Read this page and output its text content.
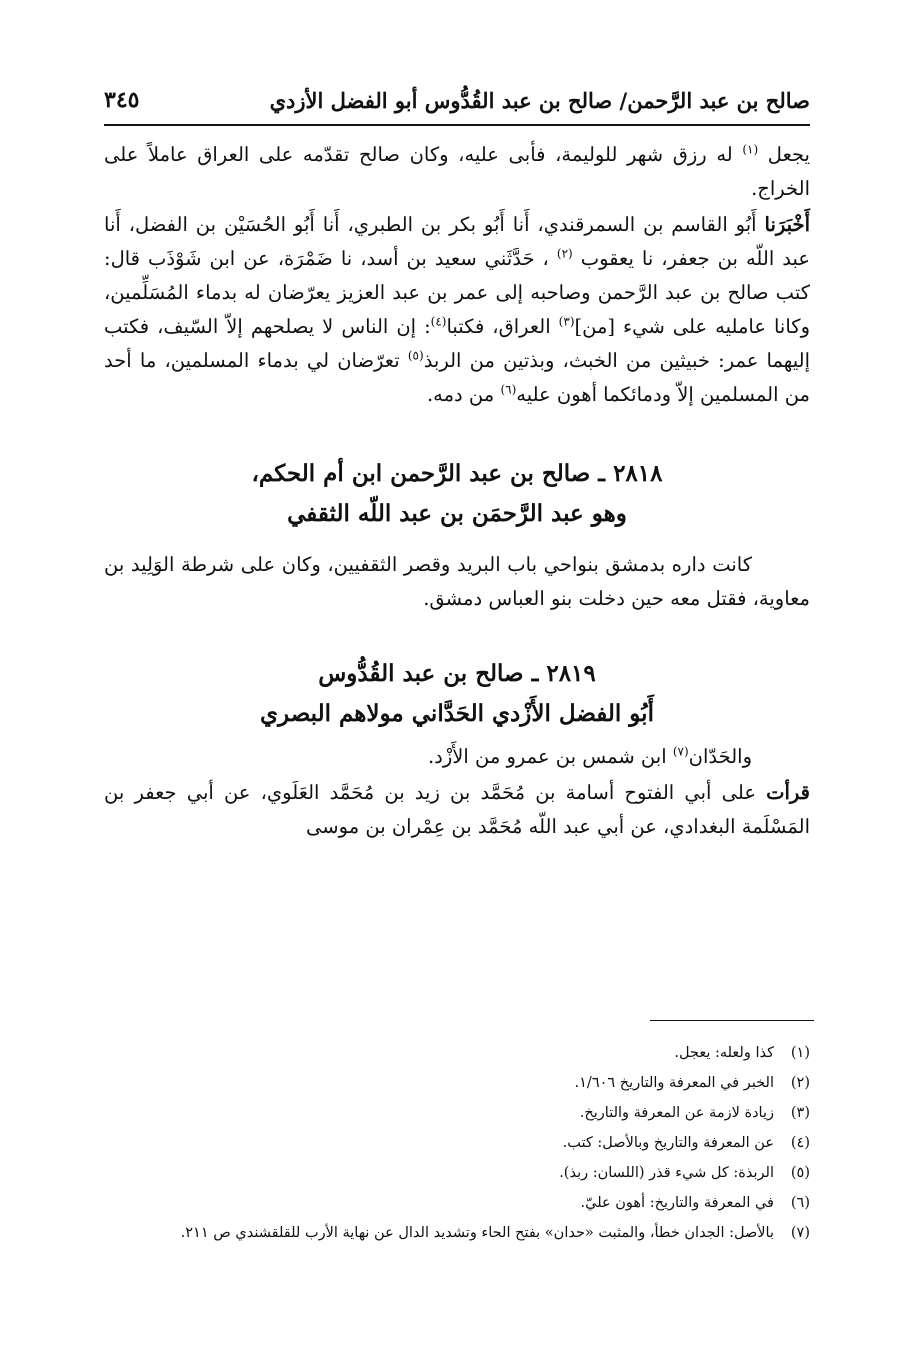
صالح بن عبد الرَّحمن/ صالح بن عبد القُدُّوس أبو الفضل الأزدي
٣٤٥

يجعل $^{(١)}$ له رزق شهر للوليمة، فأبى عليه، وكان صالح تقدّمه على العراق عاملاً على الخراج.

أَخْبَرَنا أَبُو القاسم بن السمرقندي، أَنا أَبُو بكر بن الطبري، أَنا أَبُو الحُسَيْن بن الفضل، أَنا عبد اللّه بن جعفر، نا يعقوب $^{(٢)}$ ، حَدَّثَني سعيد بن أسد، نا ضَمْرَة، عن ابن شَوْذَب قال: كتب صالح بن عبد الرَّحمن وصاحبه إلى عمر بن عبد العزيز يعرّضان له بدماء المُسَلِّمين، وكانا عامليه على شيء [من]$^{(٣)}$ العراق، فكتبا$^{(٤)}$: إن الناس لا يصلحهم إلاّ السّيف، فكتب إليهما عمر: خبيثين من الخبث، وبذتين من الربذ$^{(٥)}$ تعرّضان لي بدماء المسلمين، ما أحد من المسلمين إلاّ ودمائكما أهون عليه$^{(٦)}$ من دمه.

٢٨١٨ ـ صالح بن عبد الرَّحمن ابن أم الحكم،

وهو عبد الرَّحمَن بن عبد اللّه الثقفي

كانت داره بدمشق بنواحي باب البريد وقصر الثقفيين، وكان على شرطة الوَلِيد بن معاوية، فقتل معه حين دخلت بنو العباس دمشق.

٢٨١٩ ـ صالح بن عبد القُدُّوس

أَبُو الفضل الأَزْدي الحَدَّاني مولاهم البصري

والحَدّان$^{(٧)}$ ابن شمس بن عمرو من الأَزْد.

قرأت على أبي الفتوح أسامة بن مُحَمَّد بن زيد بن مُحَمَّد العَلَوي، عن أبي جعفر بن المَسْلَمة البغدادي، عن أبي عبد اللّه مُحَمَّد بن عِمْران بن موسى

(١)
كذا ولعله: يعجل.

(٢)
الخبر في المعرفة والتاريخ ١/٦٠٦.

(٣)
زيادة لازمة عن المعرفة والتاريخ.

(٤)
عن المعرفة والتاريخ وبالأصل: كتب.

(٥)
الربذة: كل شيء قذر (اللسان: ربذ).

(٦)
في المعرفة والتاريخ: أهون عليّ.

(٧)
بالأصل: الجدان خطأ، والمثبت «حدان» بفتح الحاء وتشديد الدال عن نهاية الأرب للقلقشندي ص ٢١١.
